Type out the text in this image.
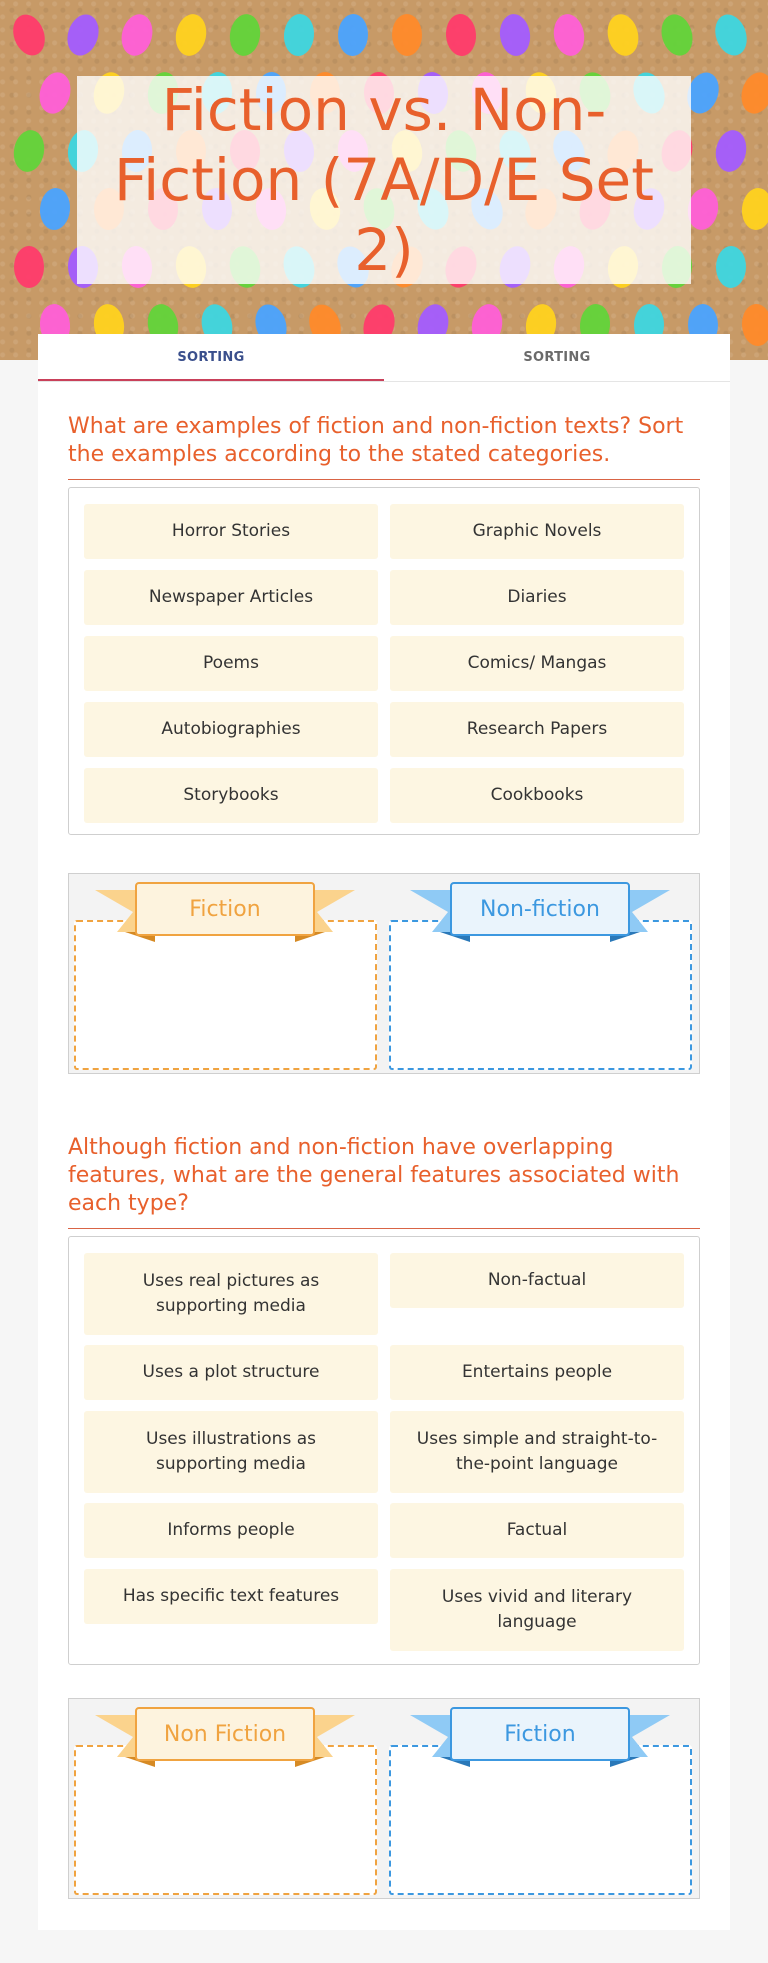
Fiction vs. Non-Fiction (7A/D/E Set 2)
SORTING	SORTING
What are examples of fiction and non-fiction texts? Sort the examples according to the stated categories.
Horror Stories
Newspaper Articles
Poems
Autobiographies
Storybooks
Graphic Novels
Diaries
Comics/ Mangas
Research Papers
Cookbooks
Fiction	Non-fiction
Although fiction and non-fiction have overlapping features, what are the general features associated with each type?
Uses real pictures as supporting media
Uses a plot structure
Uses illustrations as supporting media
Informs people
Has specific text features
Non-factual
Entertains people
Uses simple and straight-to-the-point language
Factual
Uses vivid and literary language
Non Fiction	Fiction
